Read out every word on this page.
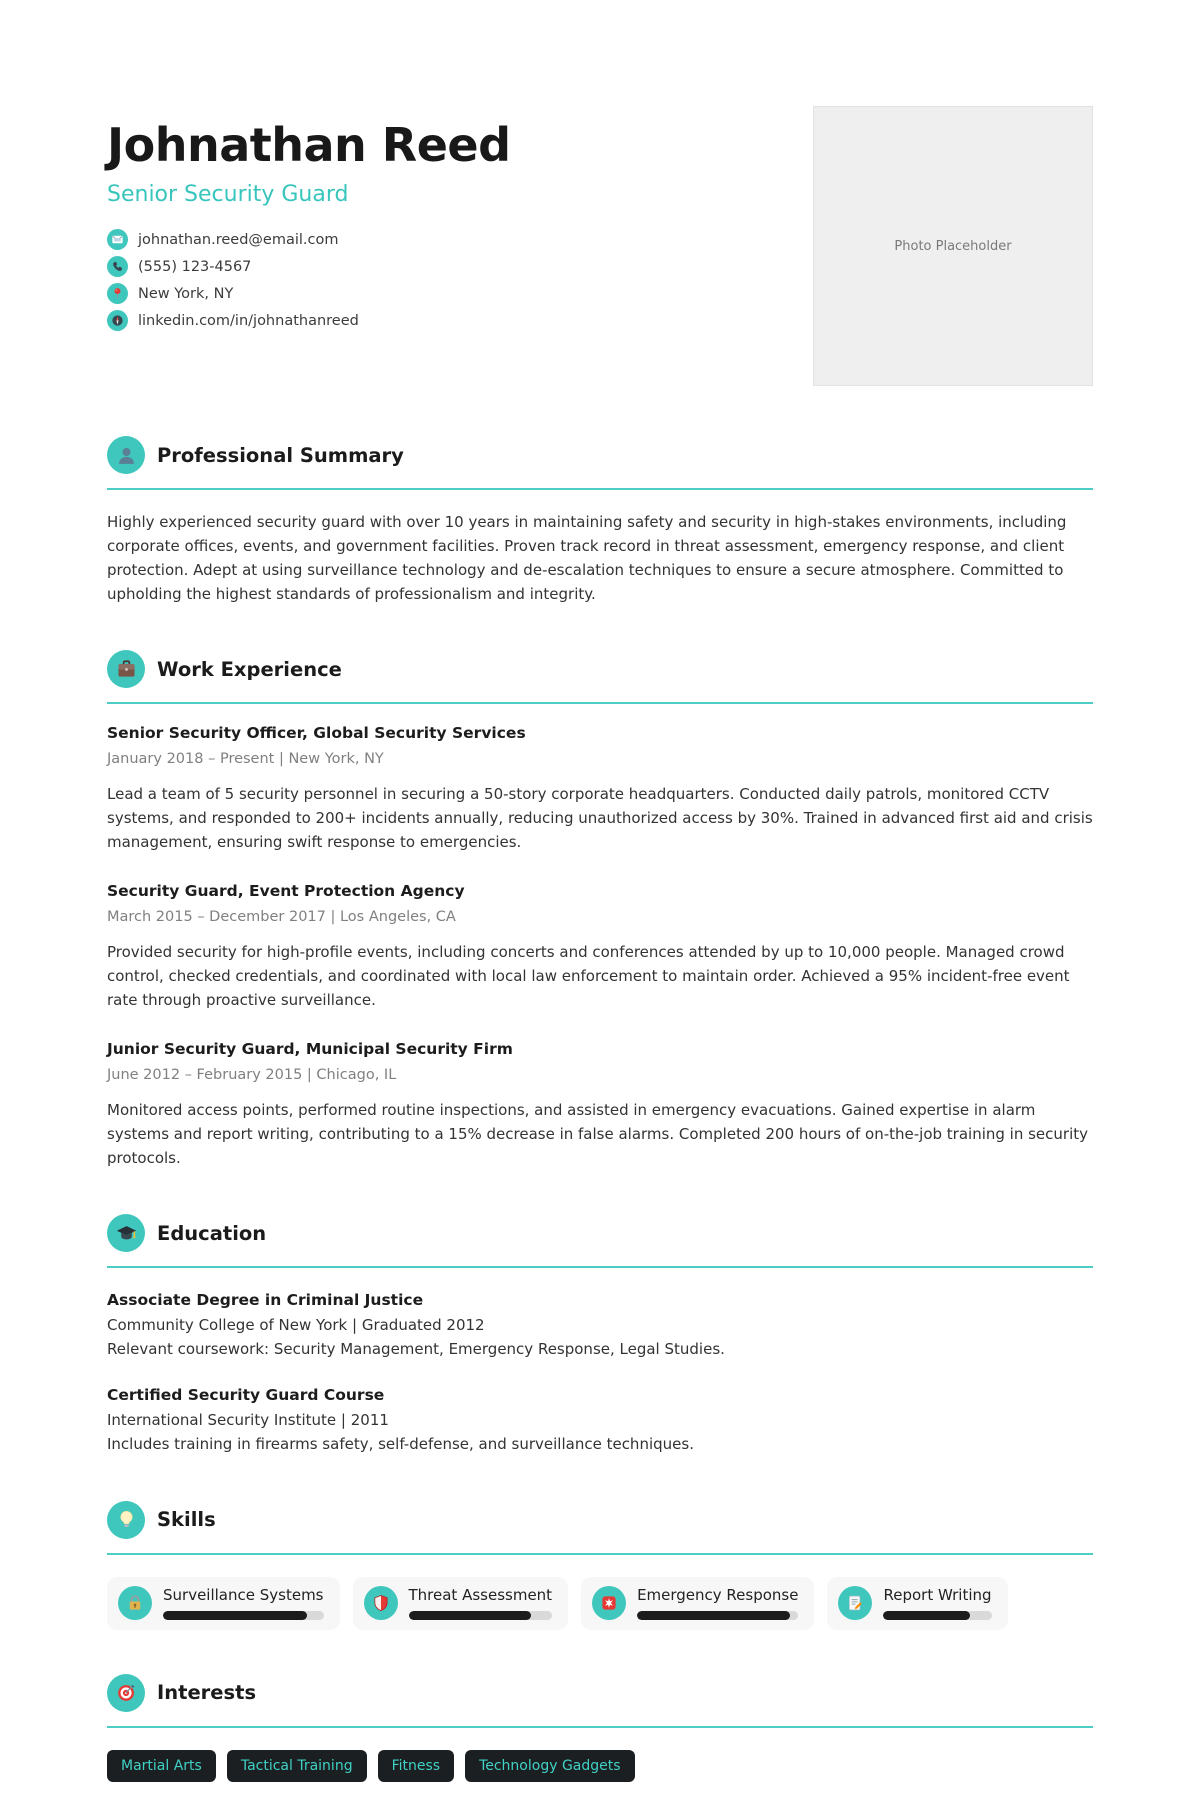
Photo Placeholder
Johnathan Reed
Senior Security Guard
johnathan.reed@email.com
(555) 123-4567
New York, NY
linkedin.com/in/johnathanreed
Professional Summary

Highly experienced security guard with over 10 years in maintaining safety and security in high-stakes environments, including corporate offices, events, and government facilities. Proven track record in threat assessment, emergency response, and client protection. Adept at using surveillance technology and de-escalation techniques to ensure a secure atmosphere. Committed to upholding the highest standards of professionalism and integrity.

Work Experience
Senior Security Officer, Global Security Services
January 2018 – Present | New York, NY

Lead a team of 5 security personnel in securing a 50-story corporate headquarters. Conducted daily patrols, monitored CCTV systems, and responded to 200+ incidents annually, reducing unauthorized access by 30%. Trained in advanced first aid and crisis management, ensuring swift response to emergencies.

Security Guard, Event Protection Agency
March 2015 – December 2017 | Los Angeles, CA

Provided security for high-profile events, including concerts and conferences attended by up to 10,000 people. Managed crowd control, checked credentials, and coordinated with local law enforcement to maintain order. Achieved a 95% incident-free event rate through proactive surveillance.

Junior Security Guard, Municipal Security Firm
June 2012 – February 2015 | Chicago, IL

Monitored access points, performed routine inspections, and assisted in emergency evacuations. Gained expertise in alarm systems and report writing, contributing to a 15% decrease in false alarms. Completed 200 hours of on-the-job training in security protocols.

Education
Associate Degree in Criminal Justice
Community College of New York | Graduated 2012
Relevant coursework: Security Management, Emergency Response, Legal Studies.
Certified Security Guard Course
International Security Institute | 2011
Includes training in firearms safety, self-defense, and surveillance techniques.
Skills
Surveillance Systems	Threat Assessment	Emergency Response	Report Writing
Interests
Martial Arts	Tactical Training	Fitness	Technology Gadgets
